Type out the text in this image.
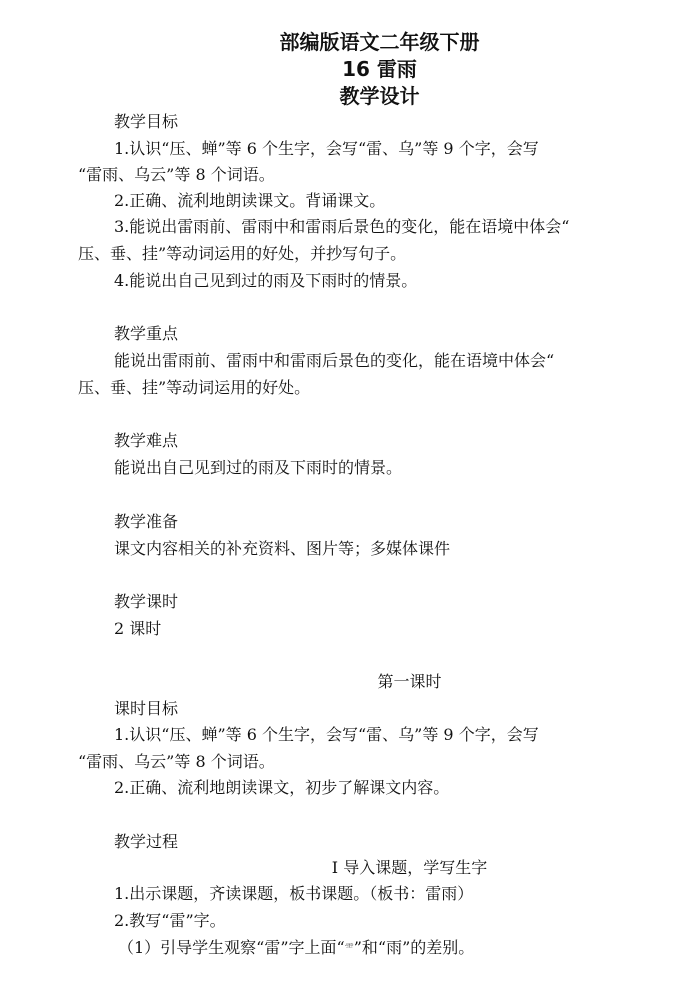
部编版语文二年级下册
16 雷雨
教学设计
教学目标
1.认识“压、蝉”等 6 个生字，会写“雷、乌”等 9 个字，会写
“雷雨、乌云”等 8 个词语。
2.正确、流利地朗读课文。背诵课文。
3.能说出雷雨前、雷雨中和雷雨后景色的变化，能在语境中体会“
压、垂、挂”等动词运用的好处，并抄写句子。
4.能说出自己见到过的雨及下雨时的情景。
教学重点
能说出雷雨前、雷雨中和雷雨后景色的变化，能在语境中体会“
压、垂、挂”等动词运用的好处。
教学难点
能说出自己见到过的雨及下雨时的情景。
教学准备
课文内容相关的补充资料、图片等；多媒体课件
教学课时
2 课时
第一课时
课时目标
1.认识“压、蝉”等 6 个生字，会写“雷、乌”等 9 个字，会写
“雷雨、乌云”等 8 个词语。
2.正确、流利地朗读课文，初步了解课文内容。
教学过程
Ⅰ 导入课题，学写生字
1.出示课题，齐读课题，板书课题。（板书：雷雨）
2.教写“雷”字。
（1）引导学生观察“雷”字上面“⻗”和“雨”的差别。
